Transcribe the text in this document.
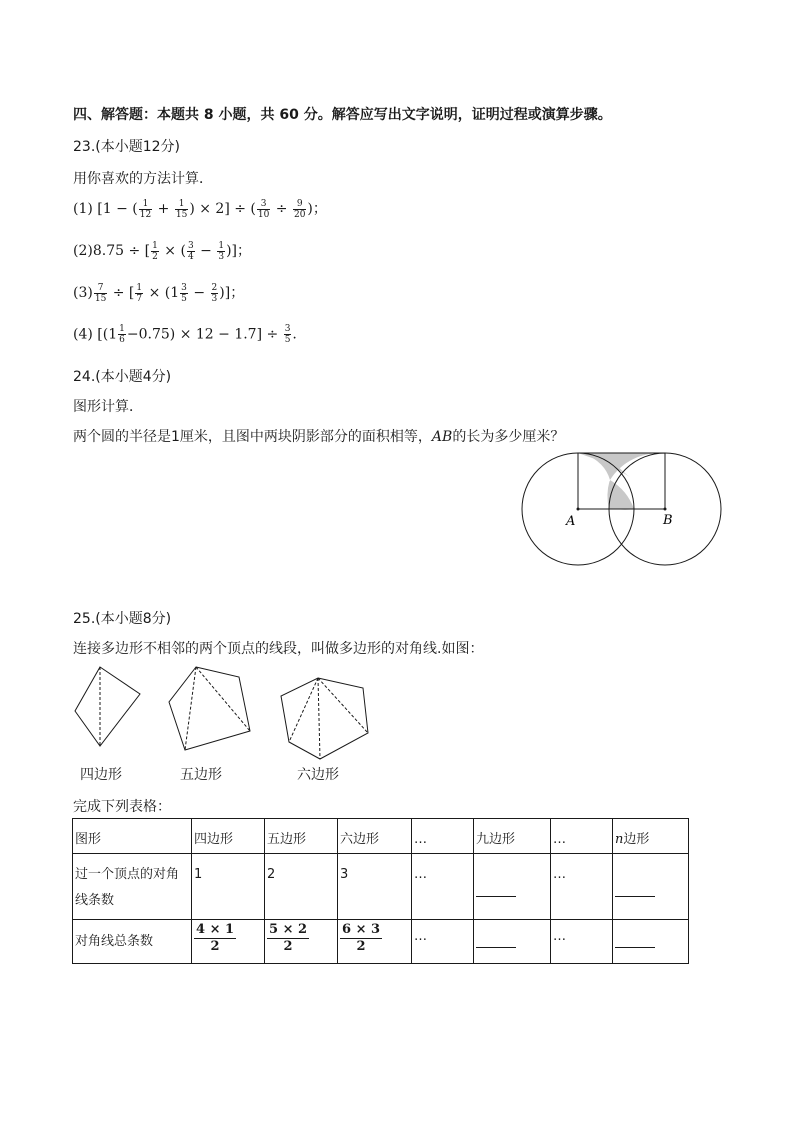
四、解答题：本题共 8 小题，共 60 分。解答应写出文字说明，证明过程或演算步骤。
23.(本小题12分)
用你喜欢的方法计算．
(1) [1 − ( $\frac{1}{12} + \frac{1}{15}$ ) × 2] ÷ ( $\frac{3}{10} \div \frac{9}{20}$ )；
(2)8.75 ÷ [ $\frac{1}{2}$ × ( $\frac{3}{4} - \frac{1}{3}$ )]；
$(3) \frac{7}{15}$ ÷ [ $\frac{1}{7} \times (1 \frac{3}{5} - \frac{2}{3}$ )]；
(4) $[(1 \frac{1}{6} -0.75) \times 12 - 1.7] \div \frac{3}{5}$ .
24.(本小题4分)
图形计算．
两个圆的半径是1厘米，且图中两块阴影部分的面积相等，AB的长为多少厘米？
A	B
25.(本小题8分)
连接多边形不相邻的两个顶点的线段，叫做多边形的对角线.如图：
四边形	五边形	六边形
完成下列表格：
图形	四边形	五边形	六边形	…	九边形	…	n边形
过一个顶点的对角线条数	1	2	3	…		…	
对角线总条数	$\frac{4 \times 1}{2}$	$\frac{5 \times 2}{2}$	$\frac{6 \times 3}{2}$	…		…	
